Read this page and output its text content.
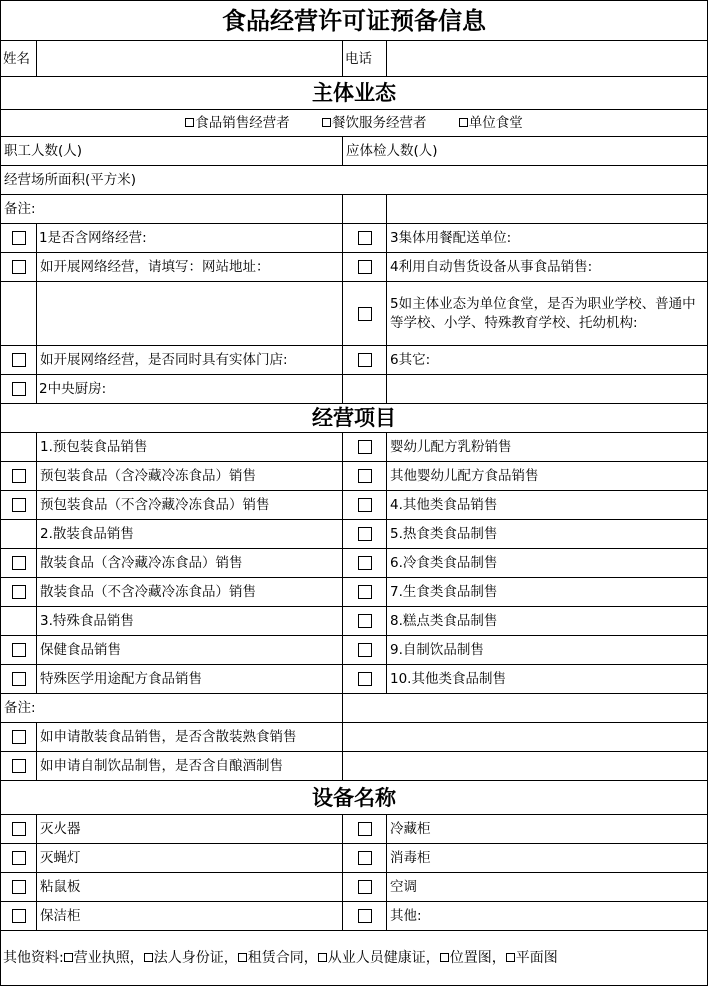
食品经营许可证预备信息			
姓名		电话	
主体业态			
食品销售经营者 餐饮服务经营者 单位食堂			
职工人数(人)		应体检人数(人)	
经营场所面积(平方米)			
备注:			
	1是否含网络经营:		3集体用餐配送单位:
	如开展网络经营，请填写：网站地址：		4利用自动售货设备从事食品销售:
			5如主体业态为单位食堂，是否为职业学校、普通中等学校、小学、特殊教育学校、托幼机构:
	如开展网络经营，是否同时具有实体门店:		6其它:
	2中央厨房:		
经营项目			
	1.预包装食品销售		婴幼儿配方乳粉销售
	预包装食品（含冷藏冷冻食品）销售		其他婴幼儿配方食品销售
	预包装食品（不含冷藏冷冻食品）销售		4.其他类食品销售
	2.散装食品销售		5.热食类食品制售
	散装食品（含冷藏冷冻食品）销售		6.冷食类食品制售
	散装食品（不含冷藏冷冻食品）销售		7.生食类食品制售
	3.特殊食品销售		8.糕点类食品制售
	保健食品销售		9.自制饮品制售
	特殊医学用途配方食品销售		10.其他类食品制售
备注:			
	如申请散装食品销售，是否含散装熟食销售		
	如申请自制饮品制售，是否含自酿酒制售		
设备名称			
	灭火器		冷藏柜
	灭蝇灯		消毒柜
	粘鼠板		空调
	保洁柜		其他:
其他资料: 营业执照， 法人身份证， 租赁合同， 从业人员健康证， 位置图， 平面图			
